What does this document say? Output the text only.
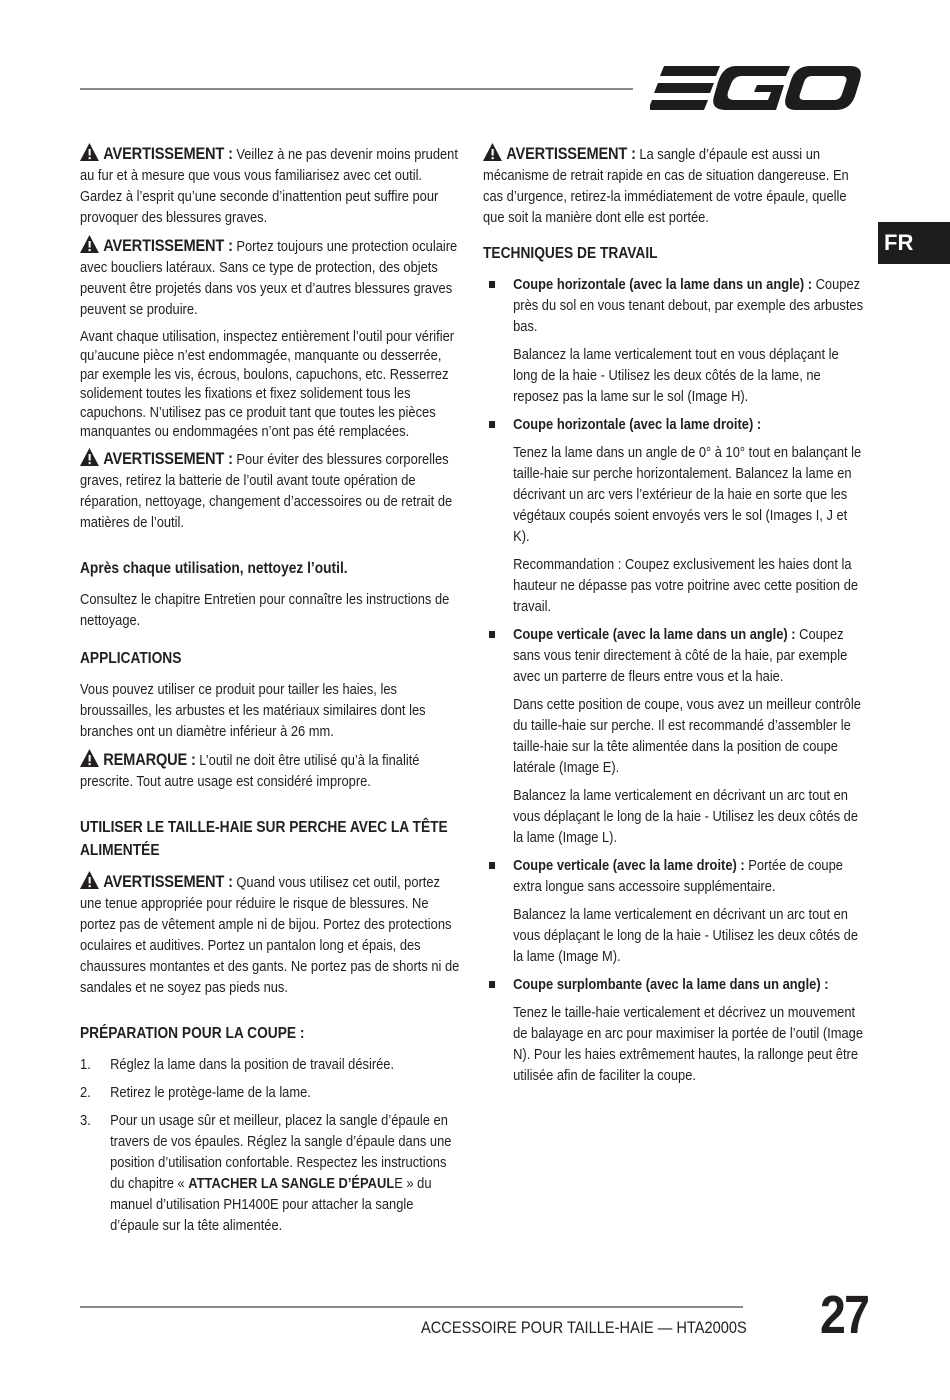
FR

AVERTISSEMENT : Veillez à ne pas devenir moins prudent au fur et à mesure que vous vous familiarisez avec cet outil. Gardez à l’esprit qu’une seconde d’inattention peut suffire pour provoquer des blessures graves.

AVERTISSEMENT : Portez toujours une protection oculaire avec boucliers latéraux. Sans ce type de protection, des objets peuvent être projetés dans vos yeux et d’autres blessures graves peuvent se produire.

Avant chaque utilisation, inspectez entièrement l’outil pour vérifier qu’aucune pièce n’est endommagée, manquante ou desserrée, par exemple les vis, écrous, boulons, capuchons, etc. Resserrez solidement toutes les fixations et fixez solidement tous les capuchons. N’utilisez pas ce produit tant que toutes les pièces manquantes ou endommagées n’ont pas été remplacées.

AVERTISSEMENT : Pour éviter des blessures corporelles graves, retirez la batterie de l’outil avant toute opération de réparation, nettoyage, changement d’accessoires ou de retrait de matières de l’outil.

Après chaque utilisation, nettoyez l’outil.

Consultez le chapitre Entretien pour connaître les instructions de nettoyage.

APPLICATIONS

Vous pouvez utiliser ce produit pour tailler les haies, les broussailles, les arbustes et les matériaux similaires dont les branches ont un diamètre inférieur à 26 mm.

REMARQUE : L’outil ne doit être utilisé qu’à la finalité prescrite. Tout autre usage est considéré impropre.

UTILISER LE TAILLE-HAIE SUR PERCHE AVEC LA TÊTE ALIMENTÉE

AVERTISSEMENT : Quand vous utilisez cet outil, portez une tenue appropriée pour réduire le risque de blessures. Ne portez pas de vêtement ample ni de bijou. Portez des protections oculaires et auditives. Portez un pantalon long et épais, des chaussures montantes et des gants. Ne portez pas de shorts ni de sandales et ne soyez pas pieds nus.

PRÉPARATION POUR LA COUPE :
1. Réglez la lame dans la position de travail désirée.
2. Retirez le protège-lame de la lame.
3. Pour un usage sûr et meilleur, placez la sangle d’épaule en travers de vos épaules. Réglez la sangle d’épaule dans une position d’utilisation confortable. Respectez les instructions du chapitre « ATTACHER LA SANGLE D’ÉPAULE » du manuel d’utilisation PH1400E pour attacher la sangle d’épaule sur la tête alimentée.

AVERTISSEMENT : La sangle d’épaule est aussi un mécanisme de retrait rapide en cas de situation dangereuse. En cas d’urgence, retirez-la immédiatement de votre épaule, quelle que soit la manière dont elle est portée.

TECHNIQUES DE TRAVAIL
Coupe horizontale (avec la lame dans un angle) : Coupez près du sol en vous tenant debout, par exemple des arbustes bas.

Balancez la lame verticalement tout en vous déplaçant le long de la haie - Utilisez les deux côtés de la lame, ne reposez pas la lame sur le sol (Image H).

Coupe horizontale (avec la lame droite) :

Tenez la lame dans un angle de 0° à 10° tout en balançant le taille-haie sur perche horizontalement. Balancez la lame en décrivant un arc vers l’extérieur de la haie en sorte que les végétaux coupés soient envoyés vers le sol (Images I, J et K).

Recommandation : Coupez exclusivement les haies dont la hauteur ne dépasse pas votre poitrine avec cette position de travail.

Coupe verticale (avec la lame dans un angle) : Coupez sans vous tenir directement à côté de la haie, par exemple avec un parterre de fleurs entre vous et la haie.

Dans cette position de coupe, vous avez un meilleur contrôle du taille-haie sur perche. Il est recommandé d’assembler le taille-haie sur la tête alimentée dans la position de coupe latérale (Image E).

Balancez la lame verticalement en décrivant un arc tout en vous déplaçant le long de la haie - Utilisez les deux côtés de la lame (Image L).

Coupe verticale (avec la lame droite) : Portée de coupe extra longue sans accessoire supplémentaire.

Balancez la lame verticalement en décrivant un arc tout en vous déplaçant le long de la haie - Utilisez les deux côtés de la lame (Image M).

Coupe surplombante (avec la lame dans un angle) :

Tenez le taille-haie verticalement et décrivez un mouvement de balayage en arc pour maximiser la portée de l’outil (Image N). Pour les haies extrêmement hautes, la rallonge peut être utilisée afin de faciliter la coupe.

ACCESSOIRE POUR TAILLE-HAIE — HTA2000S	27
